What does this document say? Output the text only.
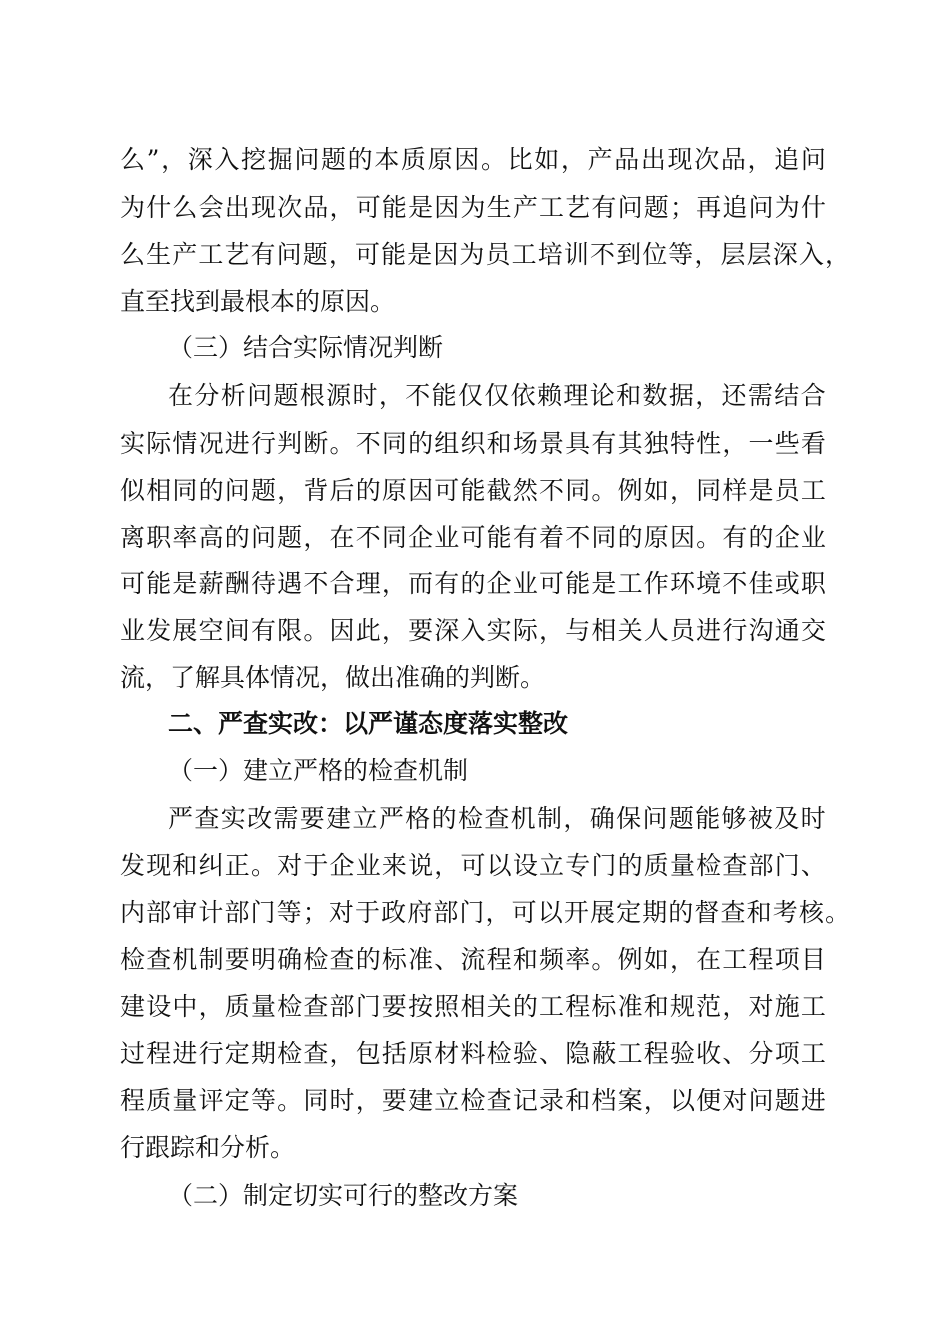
么 ” ， 深 入 挖 掘 问 题 的 本 质 原 因 。 比 如 ， 产 品 出 现 次 品 ， 追 问
为 什 么 会 出 现 次 品 ， 可 能 是 因 为 生 产 工 艺 有 问 题 ； 再 追 问 为 什
么 生 产 工 艺 有 问 题 ， 可 能 是 因 为 员 工 培 训 不 到 位 等 ， 层 层 深 入 ，
直至找到最根本的原因。
（三）结合实际情况判断
在 分 析 问 题 根 源 时 ， 不 能 仅 仅 依 赖 理 论 和 数 据 ， 还 需 结 合
实 际 情 况 进 行 判 断 。 不 同 的 组 织 和 场 景 具 有 其 独 特 性 ， 一 些 看
似 相 同 的 问 题 ， 背 后 的 原 因 可 能 截 然 不 同 。 例 如 ， 同 样 是 员 工
离 职 率 高 的 问 题 ， 在 不 同 企 业 可 能 有 着 不 同 的 原 因 。 有 的 企 业
可 能 是 薪 酬 待 遇 不 合 理 ， 而 有 的 企 业 可 能 是 工 作 环 境 不 佳 或 职
业 发 展 空 间 有 限 。 因 此 ， 要 深 入 实 际 ， 与 相 关 人 员 进 行 沟 通 交
流，了解具体情况，做出准确的判断。
二、严查实改：以严谨态度落实整改
（一）建立严格的检查机制
严 查 实 改 需 要 建 立 严 格 的 检 查 机 制 ， 确 保 问 题 能 够 被 及 时
发 现 和 纠 正 。 对 于 企 业 来 说 ， 可 以 设 立 专 门 的 质 量 检 查 部 门 、
内 部 审 计 部 门 等 ； 对 于 政 府 部 门 ， 可 以 开 展 定 期 的 督 查 和 考 核 。
检 查 机 制 要 明 确 检 查 的 标 准 、 流 程 和 频 率 。 例 如 ， 在 工 程 项 目
建 设 中 ， 质 量 检 查 部 门 要 按 照 相 关 的 工 程 标 准 和 规 范 ， 对 施 工
过 程 进 行 定 期 检 查 ， 包 括 原 材 料 检 验 、 隐 蔽 工 程 验 收 、 分 项 工
程 质 量 评 定 等 。 同 时 ， 要 建 立 检 查 记 录 和 档 案 ， 以 便 对 问 题 进
行跟踪和分析。
（二）制定切实可行的整改方案
